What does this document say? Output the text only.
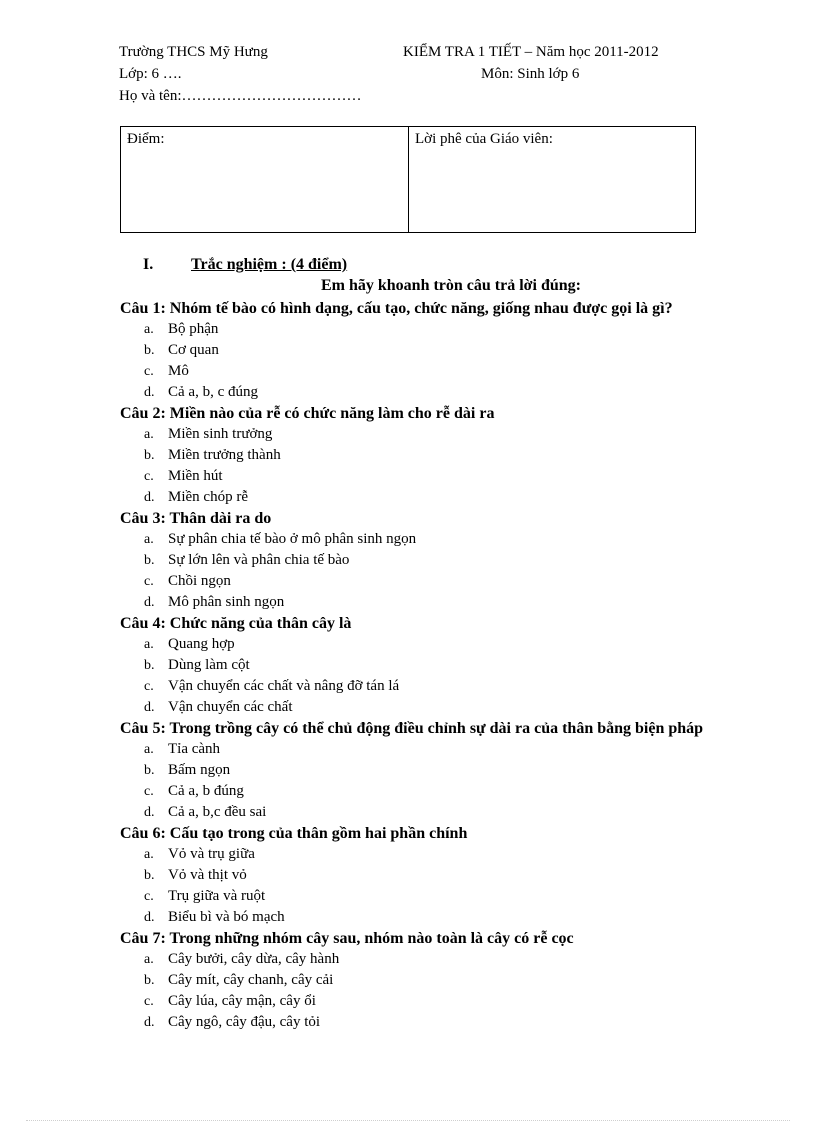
Trường THCS Mỹ Hưng	KIỂM TRA 1 TIẾT – Năm học 2011-2012
Lớp: 6 ….	Môn: Sinh lớp 6
Họ và tên:………………………………
Điểm:	Lời phê của Giáo viên:
I. Trắc nghiệm : (4 điểm)
Em hãy khoanh tròn câu trả lời đúng:
Câu 1: Nhóm tế bào có hình dạng, cấu tạo, chức năng, giống nhau được gọi là gì?
a. Bộ phận
b. Cơ quan
c. Mô
d. Cả a, b, c đúng
Câu 2: Miền nào của rễ có chức năng làm cho rễ dài ra
a. Miền sinh trưởng
b. Miền trưởng thành
c. Miền hút
d. Miền chóp rễ
Câu 3: Thân dài ra do
a. Sự phân chia tế bào ở mô phân sinh ngọn
b. Sự lớn lên và phân chia tế bào
c. Chồi ngọn
d. Mô phân sinh ngọn
Câu 4: Chức năng của thân cây là
a. Quang hợp
b. Dùng làm cột
c. Vận chuyển các chất và nâng đỡ tán lá
d. Vận chuyển các chất
Câu 5: Trong trồng cây có thể chủ động điều chỉnh sự dài ra của thân bằng biện pháp
a. Tỉa cành
b. Bấm ngọn
c. Cả a, b đúng
d. Cả a, b,c đều sai
Câu 6: Cấu tạo trong của thân gồm hai phần chính
a. Vỏ và trụ giữa
b. Vỏ và thịt vỏ
c. Trụ giữa và ruột
d. Biểu bì và bó mạch
Câu 7: Trong những nhóm cây sau, nhóm nào toàn là cây có rễ cọc
a. Cây bưởi, cây dừa, cây hành
b. Cây mít, cây chanh, cây cải
c. Cây lúa, cây mận, cây ổi
d. Cây ngô, cây đậu, cây tỏi
